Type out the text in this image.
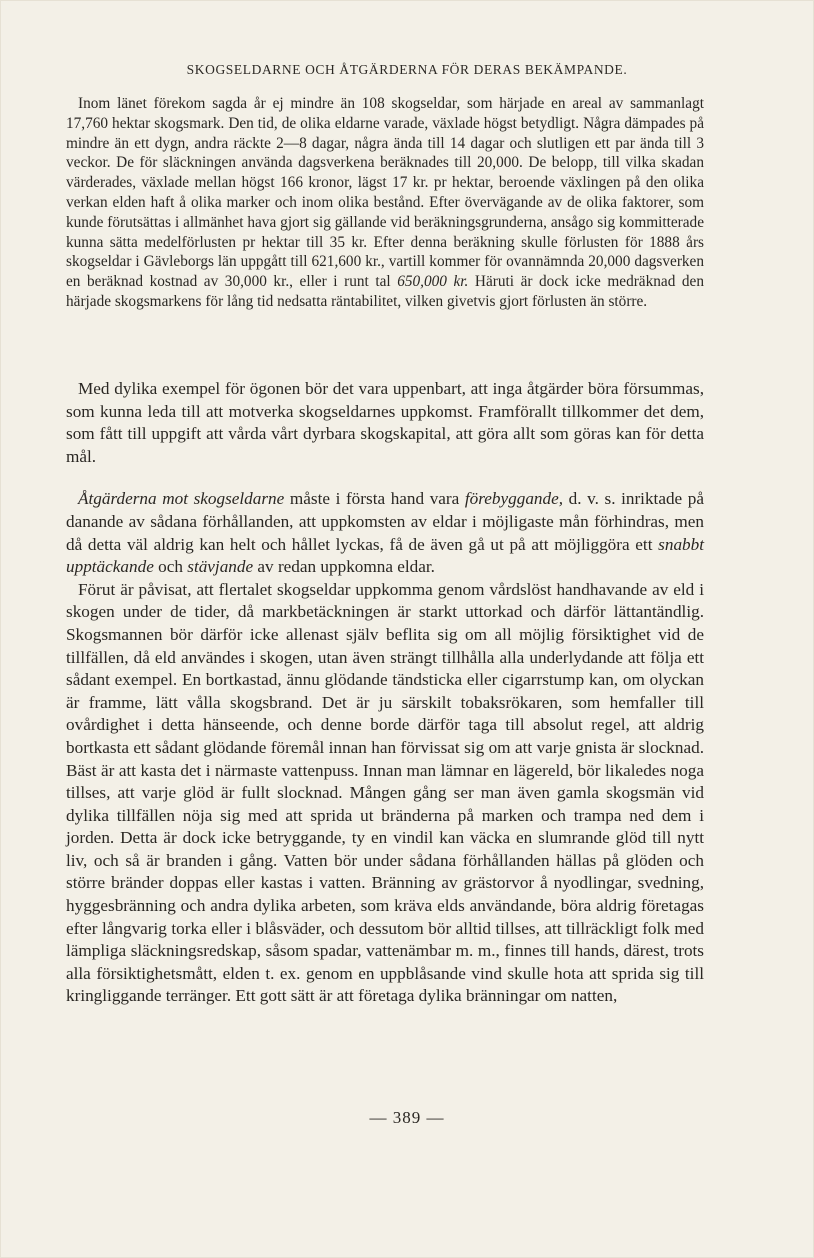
SKOGSELDARNE OCH ÅTGÄRDERNA FÖR DERAS BEKÄMPANDE.

Inom länet förekom sagda år ej mindre än 108 skogseldar, som härjade en areal av sammanlagt 17,760 hektar skogsmark. Den tid, de olika eldarne varade, växlade högst betydligt. Några dämpades på mindre än ett dygn, andra räckte 2—8 dagar, några ända till 14 dagar och slutligen ett par ända till 3 veckor. De för släckningen använda dagsverkena beräknades till 20,000. De belopp, till vilka skadan värderades, växlade mellan högst 166 kronor, lägst 17 kr. pr hektar, beroende växlingen på den olika verkan elden haft å olika marker och inom olika bestånd. Efter övervägande av de olika faktorer, som kunde förutsättas i allmänhet hava gjort sig gällande vid beräkningsgrunderna, ansågo sig kommitterade kunna sätta medelförlusten pr hektar till 35 kr. Efter denna beräkning skulle förlusten för 1888 års skogseldar i Gävleborgs län uppgått till 621,600 kr., vartill kommer för ovannämnda 20,000 dagsverken en beräknad kostnad av 30,000 kr., eller i runt tal 650,000 kr. Häruti är dock icke medräknad den härjade skogsmarkens för lång tid nedsatta räntabilitet, vilken givetvis gjort förlusten än större.

Med dylika exempel för ögonen bör det vara uppenbart, att inga åtgärder böra försummas, som kunna leda till att motverka skogseldarnes uppkomst. Framförallt tillkommer det dem, som fått till uppgift att vårda vårt dyrbara skogskapital, att göra allt som göras kan för detta mål.

Åtgärderna mot skogseldarne måste i första hand vara förebyggande, d. v. s. inriktade på danande av sådana förhållanden, att uppkomsten av eldar i möjligaste mån förhindras, men då detta väl aldrig kan helt och hållet lyckas, få de även gå ut på att möjliggöra ett snabbt upptäckande och stävjande av redan uppkomna eldar.

Förut är påvisat, att flertalet skogseldar uppkomma genom vårdslöst handhavande av eld i skogen under de tider, då markbetäckningen är starkt uttorkad och därför lättantändlig. Skogsmannen bör därför icke allenast själv beflita sig om all möjlig försiktighet vid de tillfällen, då eld användes i skogen, utan även strängt tillhålla alla underlydande att följa ett sådant exempel. En bortkastad, ännu glödande tändsticka eller cigarrstump kan, om olyckan är framme, lätt vålla skogsbrand. Det är ju särskilt tobaksrökaren, som hemfaller till ovårdighet i detta hänseende, och denne borde därför taga till absolut regel, att aldrig bortkasta ett sådant glödande föremål innan han förvissat sig om att varje gnista är slocknad. Bäst är att kasta det i närmaste vattenpuss. Innan man lämnar en lägereld, bör likaledes noga tillses, att varje glöd är fullt slocknad. Mången gång ser man även gamla skogsmän vid dylika tillfällen nöja sig med att sprida ut bränderna på marken och trampa ned dem i jorden. Detta är dock icke betryggande, ty en vindil kan väcka en slumrande glöd till nytt liv, och så är branden i gång. Vatten bör under sådana förhållanden hällas på glöden och större bränder doppas eller kastas i vatten. Bränning av grästorvor å nyodlingar, svedning, hyggesbränning och andra dylika arbeten, som kräva elds användande, böra aldrig företagas efter långvarig torka eller i blåsväder, och dessutom bör alltid tillses, att tillräckligt folk med lämpliga släckningsredskap, såsom spadar, vattenämbar m. m., finnes till hands, därest, trots alla försiktighetsmått, elden t. ex. genom en uppblåsande vind skulle hota att sprida sig till kringliggande terränger. Ett gott sätt är att företaga dylika bränningar om natten,

— 389 —
